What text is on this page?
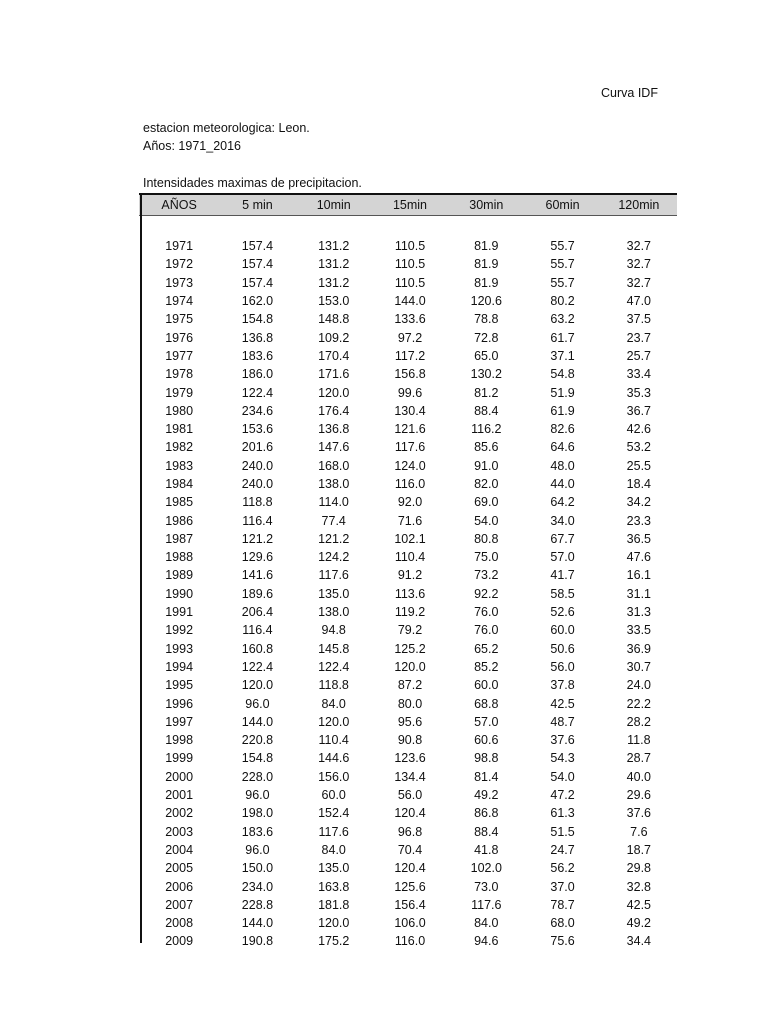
Curva IDF
estacion meteorologica: Leon.
Años: 1971_2016
Intensidades maximas de precipitacion.
AÑOS	5 min	10min	15min	30min	60min	120min

1971	157.4	131.2	110.5	81.9	55.7	32.7
1972	157.4	131.2	110.5	81.9	55.7	32.7
1973	157.4	131.2	110.5	81.9	55.7	32.7
1974	162.0	153.0	144.0	120.6	80.2	47.0
1975	154.8	148.8	133.6	78.8	63.2	37.5
1976	136.8	109.2	97.2	72.8	61.7	23.7
1977	183.6	170.4	117.2	65.0	37.1	25.7
1978	186.0	171.6	156.8	130.2	54.8	33.4
1979	122.4	120.0	99.6	81.2	51.9	35.3
1980	234.6	176.4	130.4	88.4	61.9	36.7
1981	153.6	136.8	121.6	116.2	82.6	42.6
1982	201.6	147.6	117.6	85.6	64.6	53.2
1983	240.0	168.0	124.0	91.0	48.0	25.5
1984	240.0	138.0	116.0	82.0	44.0	18.4
1985	118.8	114.0	92.0	69.0	64.2	34.2
1986	116.4	77.4	71.6	54.0	34.0	23.3
1987	121.2	121.2	102.1	80.8	67.7	36.5
1988	129.6	124.2	110.4	75.0	57.0	47.6
1989	141.6	117.6	91.2	73.2	41.7	16.1
1990	189.6	135.0	113.6	92.2	58.5	31.1
1991	206.4	138.0	119.2	76.0	52.6	31.3
1992	116.4	94.8	79.2	76.0	60.0	33.5
1993	160.8	145.8	125.2	65.2	50.6	36.9
1994	122.4	122.4	120.0	85.2	56.0	30.7
1995	120.0	118.8	87.2	60.0	37.8	24.0
1996	96.0	84.0	80.0	68.8	42.5	22.2
1997	144.0	120.0	95.6	57.0	48.7	28.2
1998	220.8	110.4	90.8	60.6	37.6	11.8
1999	154.8	144.6	123.6	98.8	54.3	28.7
2000	228.0	156.0	134.4	81.4	54.0	40.0
2001	96.0	60.0	56.0	49.2	47.2	29.6
2002	198.0	152.4	120.4	86.8	61.3	37.6
2003	183.6	117.6	96.8	88.4	51.5	7.6
2004	96.0	84.0	70.4	41.8	24.7	18.7
2005	150.0	135.0	120.4	102.0	56.2	29.8
2006	234.0	163.8	125.6	73.0	37.0	32.8
2007	228.8	181.8	156.4	117.6	78.7	42.5
2008	144.0	120.0	106.0	84.0	68.0	49.2
2009	190.8	175.2	116.0	94.6	75.6	34.4
